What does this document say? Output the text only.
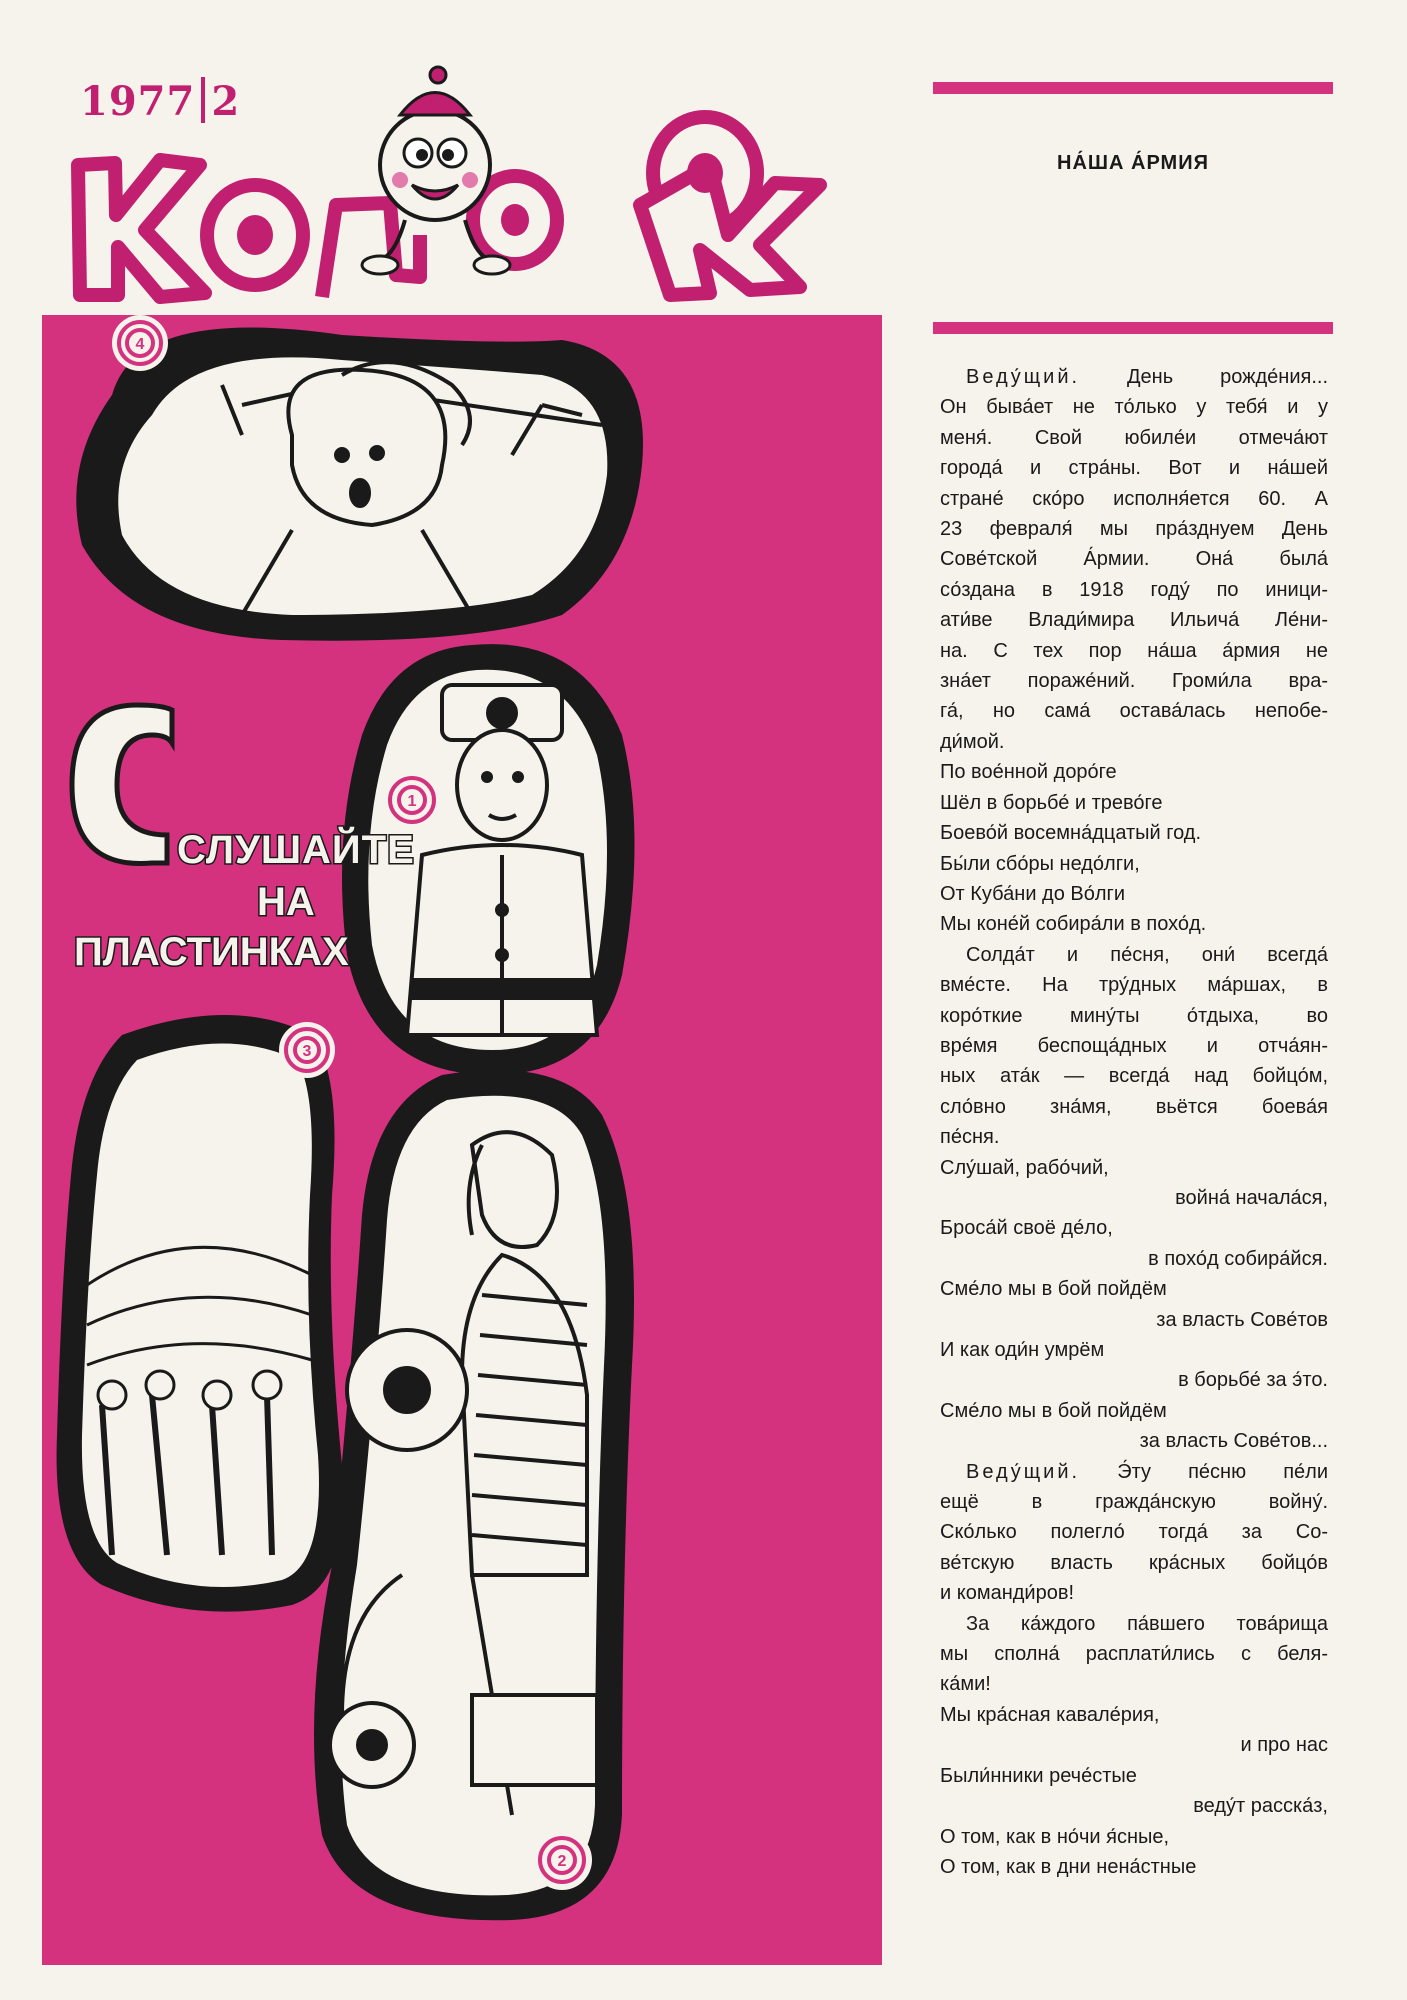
1977 2
4
1
3
2
СЛУШАЙТЕ
НА
ПЛАСТИНКАХ
НА́ША А́РМИЯ

Веду́щий. День рожде́ния...

Он быва́ет не то́лько у тебя́ и у

меня́. Свой юбиле́и отмеча́ют

города́ и стра́ны. Вот и на́шей

стране́ ско́ро исполня́ется 60. А

23 февраля́ мы пра́зднуем День

Сове́тской А́рмии. Она́ была́

со́здана в 1918 году́ по иници-

ати́ве Влади́мира Ильича́ Ле́ни-

на. С тех пор на́ша а́рмия не

зна́ет пораже́ний. Громи́ла вра-

га́, но сама́ остава́лась непобе-

ди́мой.

По вое́нной доро́ге

Шёл в борьбе́ и трево́ге

Боево́й восемна́дцатый год.

Бы́ли сбо́ры недо́лги,

От Куба́ни до Во́лги

Мы коне́й собира́ли в похо́д.

Солда́т и пе́сня, они́ всегда́

вме́сте. На тру́дных ма́ршах, в

коро́ткие мину́ты о́тдыха, во

вре́мя беспоща́дных и отча́ян-

ных ата́к — всегда́ над бойцо́м,

сло́вно зна́мя, вьётся боева́я

пе́сня.

Слу́шай, рабо́чий,

война́ начала́ся,

Броса́й своё де́ло,

в похо́д собира́йся.

Сме́ло мы в бой пойдём

за власть Сове́тов

И как оди́н умрём

в борьбе́ за э́то.

Сме́ло мы в бой пойдём

за власть Сове́тов...

Веду́щий. Э́ту пе́сню пе́ли

ещё в гражда́нскую войну́.

Ско́лько полегло́ тогда́ за Со-

ве́тскую власть кра́сных бойцо́в

и команди́ров!

За ка́ждого па́вшего това́рища

мы сполна́ расплати́лись с беля-

ка́ми!

Мы кра́сная кавале́рия,

и про нас

Были́нники рече́стые

веду́т расска́з,

О том, как в но́чи я́сные,

О том, как в дни нена́стные
